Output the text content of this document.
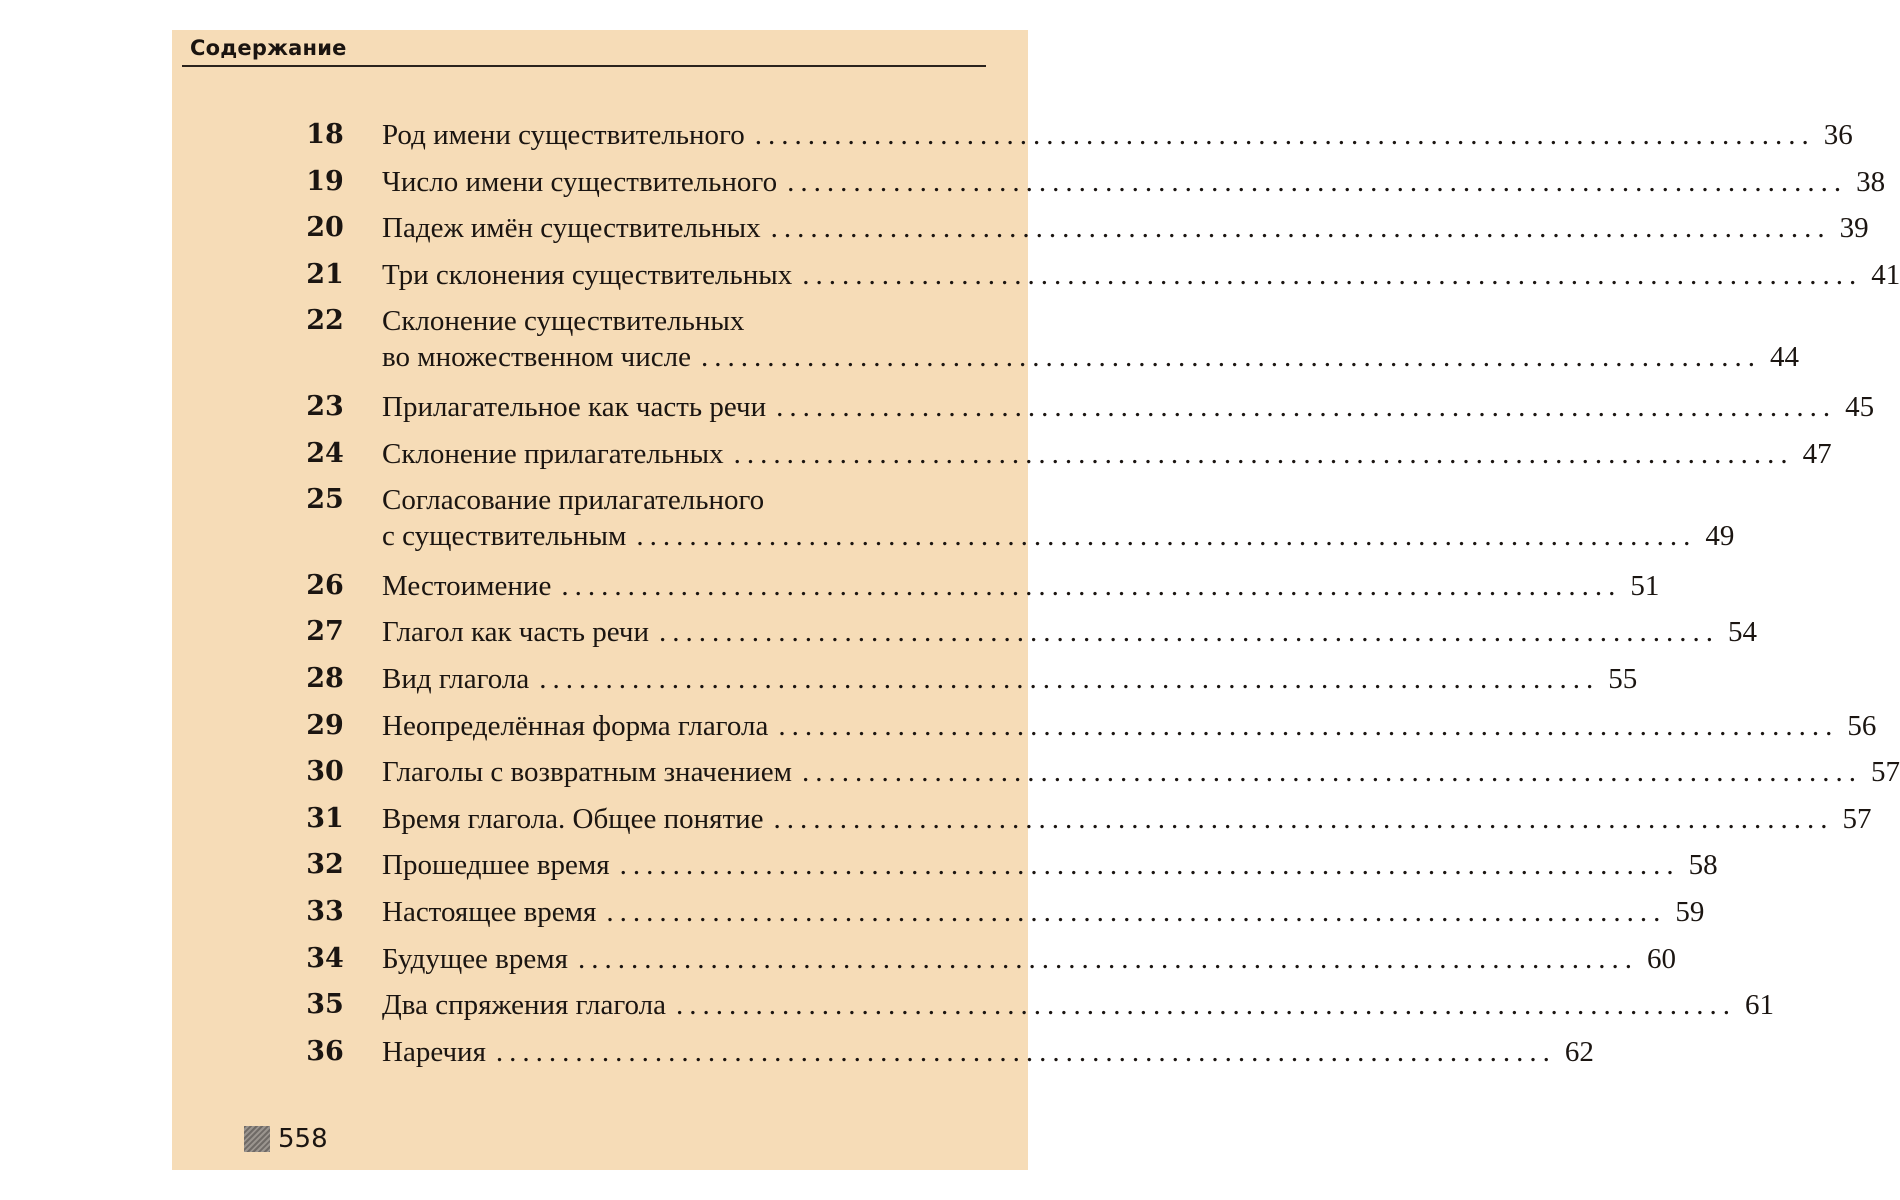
Содержание
18 Род имени существительного ................................................................................ 36
19 Число имени существительного ................................................................................ 38
20 Падеж имён существительных ................................................................................ 39
21 Три склонения существительных ................................................................................ 41
22 Склонение существительных
во множественном числе ................................................................................ 44
23 Прилагательное как часть речи ................................................................................ 45
24 Склонение прилагательных ................................................................................ 47
25 Согласование прилагательного
с существительным ................................................................................ 49
26 Местоимение ................................................................................ 51
27 Глагол как часть речи ................................................................................ 54
28 Вид глагола ................................................................................ 55
29 Неопределённая форма глагола ................................................................................ 56
30 Глаголы с возвратным значением ................................................................................ 57
31 Время глагола. Общее понятие ................................................................................ 57
32 Прошедшее время ................................................................................ 58
33 Настоящее время ................................................................................ 59
34 Будущее время ................................................................................ 60
35 Два спряжения глагола ................................................................................ 61
36 Наречия ................................................................................ 62
558
